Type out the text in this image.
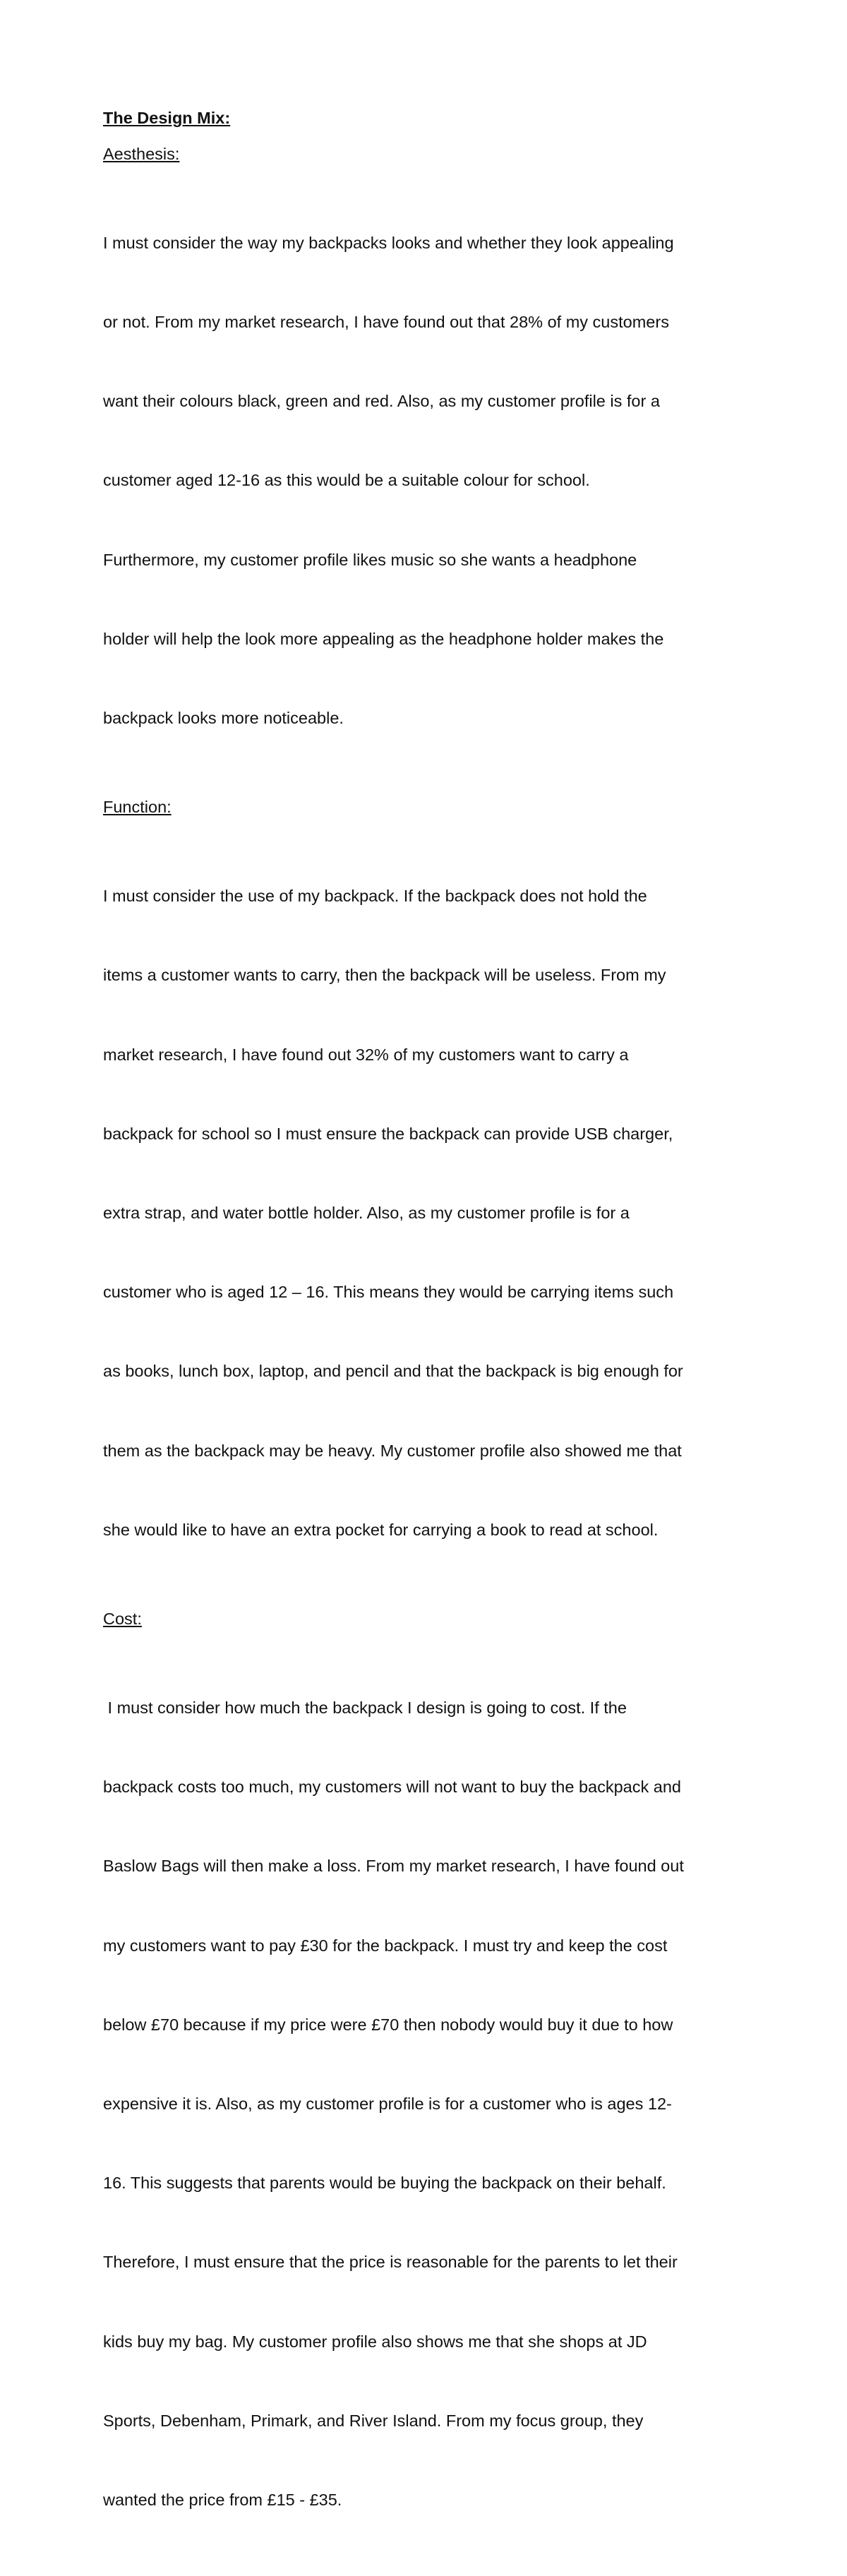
The Design Mix:
Aesthesis:

I must consider the way my backpacks looks and whether they look appealing

or not. From my market research, I have found out that 28% of my customers

want their colours black, green and red. Also, as my customer profile is for a

customer aged 12-16 as this would be a suitable colour for school.

Furthermore, my customer profile likes music so she wants a headphone

holder will help the look more appealing as the headphone holder makes the

backpack looks more noticeable.

Function:

I must consider the use of my backpack. If the backpack does not hold the

items a customer wants to carry, then the backpack will be useless. From my

market research, I have found out 32% of my customers want to carry a

backpack for school so I must ensure the backpack can provide USB charger,

extra strap, and water bottle holder. Also, as my customer profile is for a

customer who is aged 12 – 16. This means they would be carrying items such

as books, lunch box, laptop, and pencil and that the backpack is big enough for

them as the backpack may be heavy. My customer profile also showed me that

she would like to have an extra pocket for carrying a book to read at school.

Cost:

I must consider how much the backpack I design is going to cost. If the

backpack costs too much, my customers will not want to buy the backpack and

Baslow Bags will then make a loss. From my market research, I have found out

my customers want to pay £30 for the backpack. I must try and keep the cost

below £70 because if my price were £70 then nobody would buy it due to how

expensive it is. Also, as my customer profile is for a customer who is ages 12-

16. This suggests that parents would be buying the backpack on their behalf.

Therefore, I must ensure that the price is reasonable for the parents to let their

kids buy my bag. My customer profile also shows me that she shops at JD

Sports, Debenham, Primark, and River Island. From my focus group, they

wanted the price from £15 - £35.
